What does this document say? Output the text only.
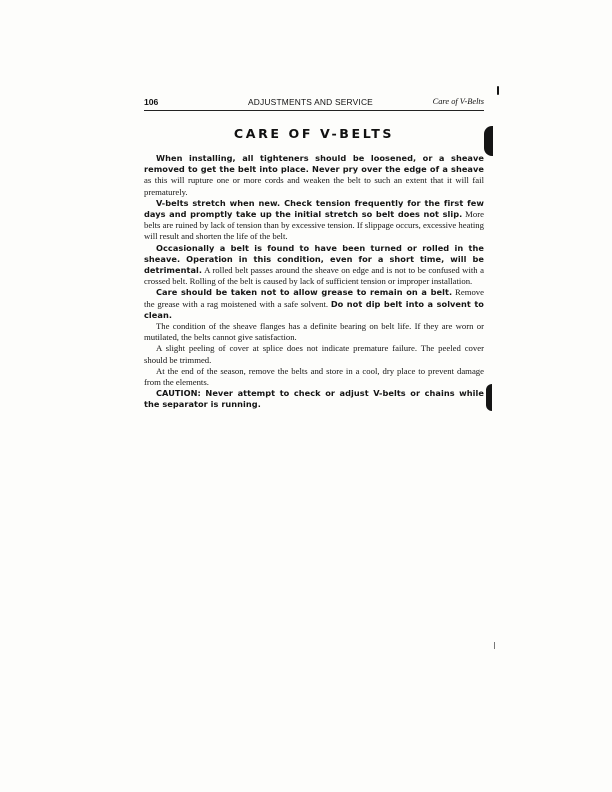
106	ADJUSTMENTS AND SERVICE	Care of V-Belts
CARE OF V-BELTS

When installing, all tighteners should be loosened, or a sheave removed to get the belt into place. Never pry over the edge of a sheave as this will rupture one or more cords and weaken the belt to such an extent that it will fail prematurely.

V-belts stretch when new. Check tension frequently for the first few days and promptly take up the initial stretch so belt does not slip. More belts are ruined by lack of tension than by excessive tension. If slippage occurs, excessive heating will result and shorten the life of the belt.

Occasionally a belt is found to have been turned or rolled in the sheave. Operation in this condition, even for a short time, will be detrimental. A rolled belt passes around the sheave on edge and is not to be confused with a crossed belt. Rolling of the belt is caused by lack of sufficient tension or improper installation.

Care should be taken not to allow grease to remain on a belt. Remove the grease with a rag moistened with a safe solvent. Do not dip belt into a solvent to clean.

The condition of the sheave flanges has a definite bearing on belt life. If they are worn or mutilated, the belts cannot give satisfaction.

A slight peeling of cover at splice does not indicate premature failure. The peeled cover should be trimmed.

At the end of the season, remove the belts and store in a cool, dry place to prevent damage from the elements.

CAUTION: Never attempt to check or adjust V-belts or chains while the separator is running.
